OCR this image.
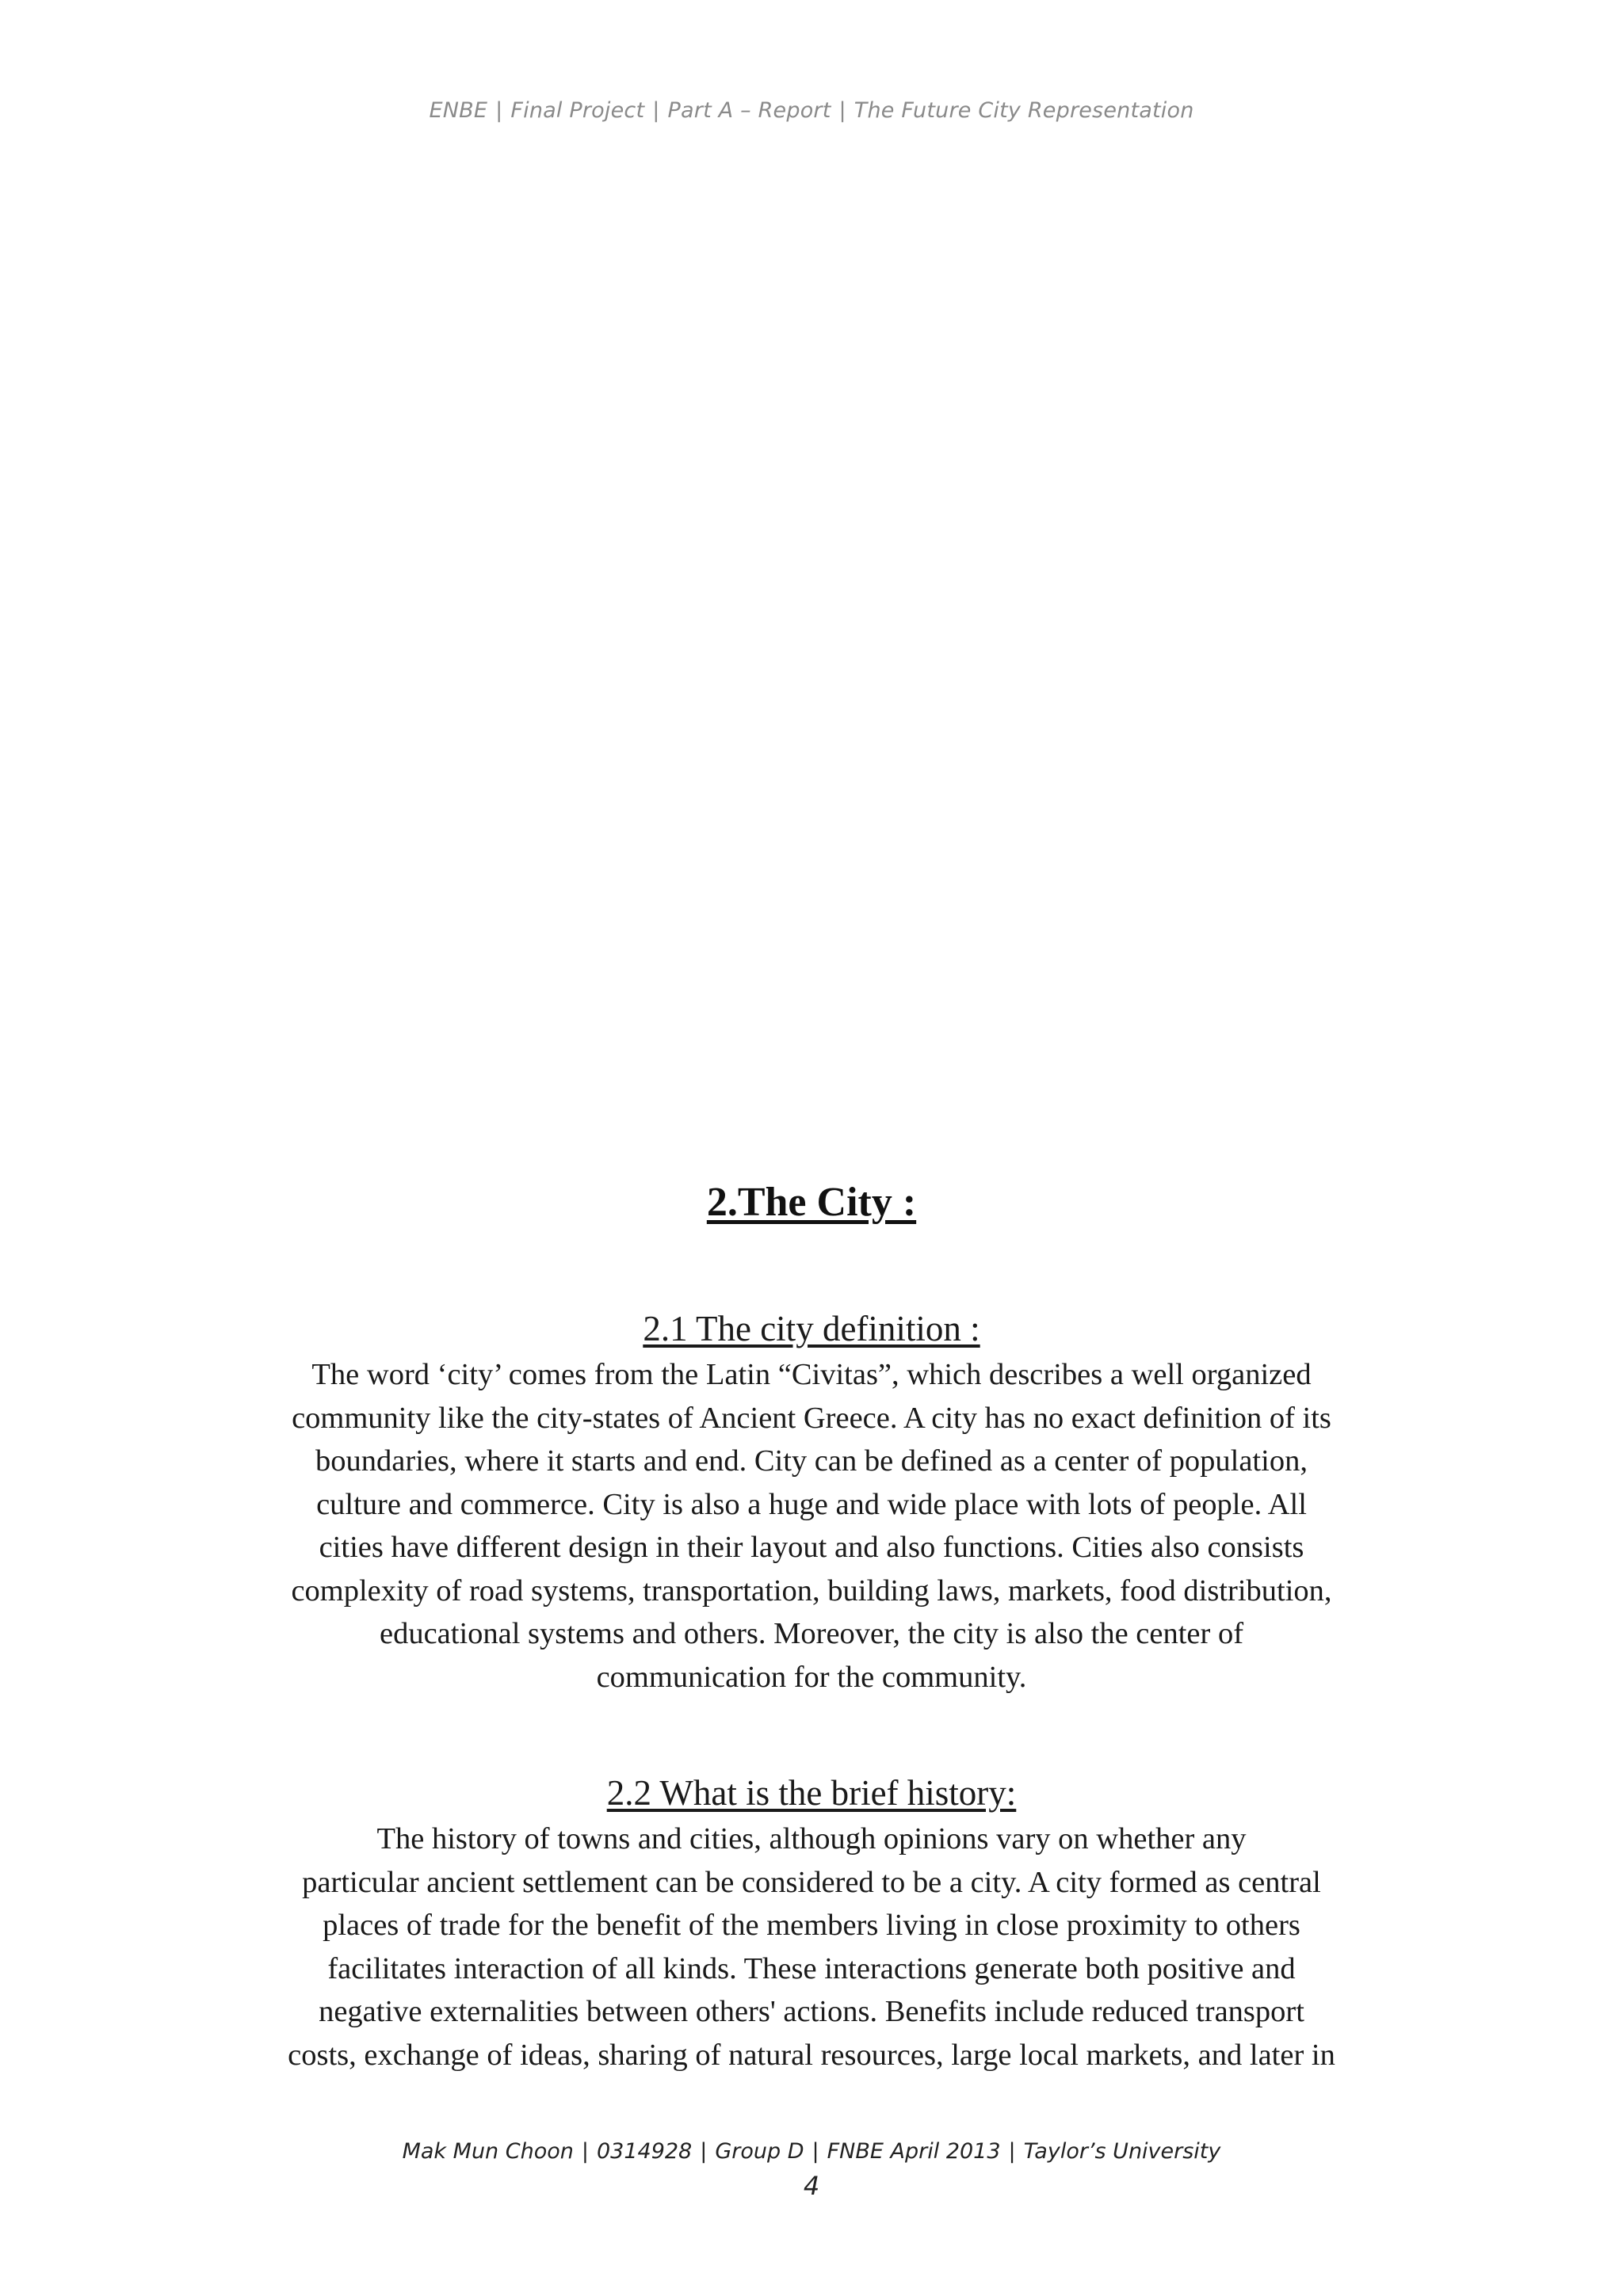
ENBE | Final Project | Part A – Report | The Future City Representation
2.The City :

2.1 The city definition :

The word ‘city’ comes from the Latin “Civitas”, which describes a well organized
community like the city-states of Ancient Greece. A city has no exact definition of its
boundaries, where it starts and end. City can be defined as a center of population,
culture and commerce. City is also a huge and wide place with lots of people. All
cities have different design in their layout and also functions. Cities also consists
complexity of road systems, transportation, building laws, markets, food distribution,
educational systems and others. Moreover, the city is also the center of
communication for the community.

2.2 What is the brief history:

The history of towns and cities, although opinions vary on whether any
particular ancient settlement can be considered to be a city. A city formed as central
places of trade for the benefit of the members living in close proximity to others
facilitates interaction of all kinds. These interactions generate both positive and
negative externalities between others' actions. Benefits include reduced transport
costs, exchange of ideas, sharing of natural resources, large local markets, and later in
Mak Mun Choon | 0314928 | Group D | FNBE April 2013 | Taylor’s University
4
